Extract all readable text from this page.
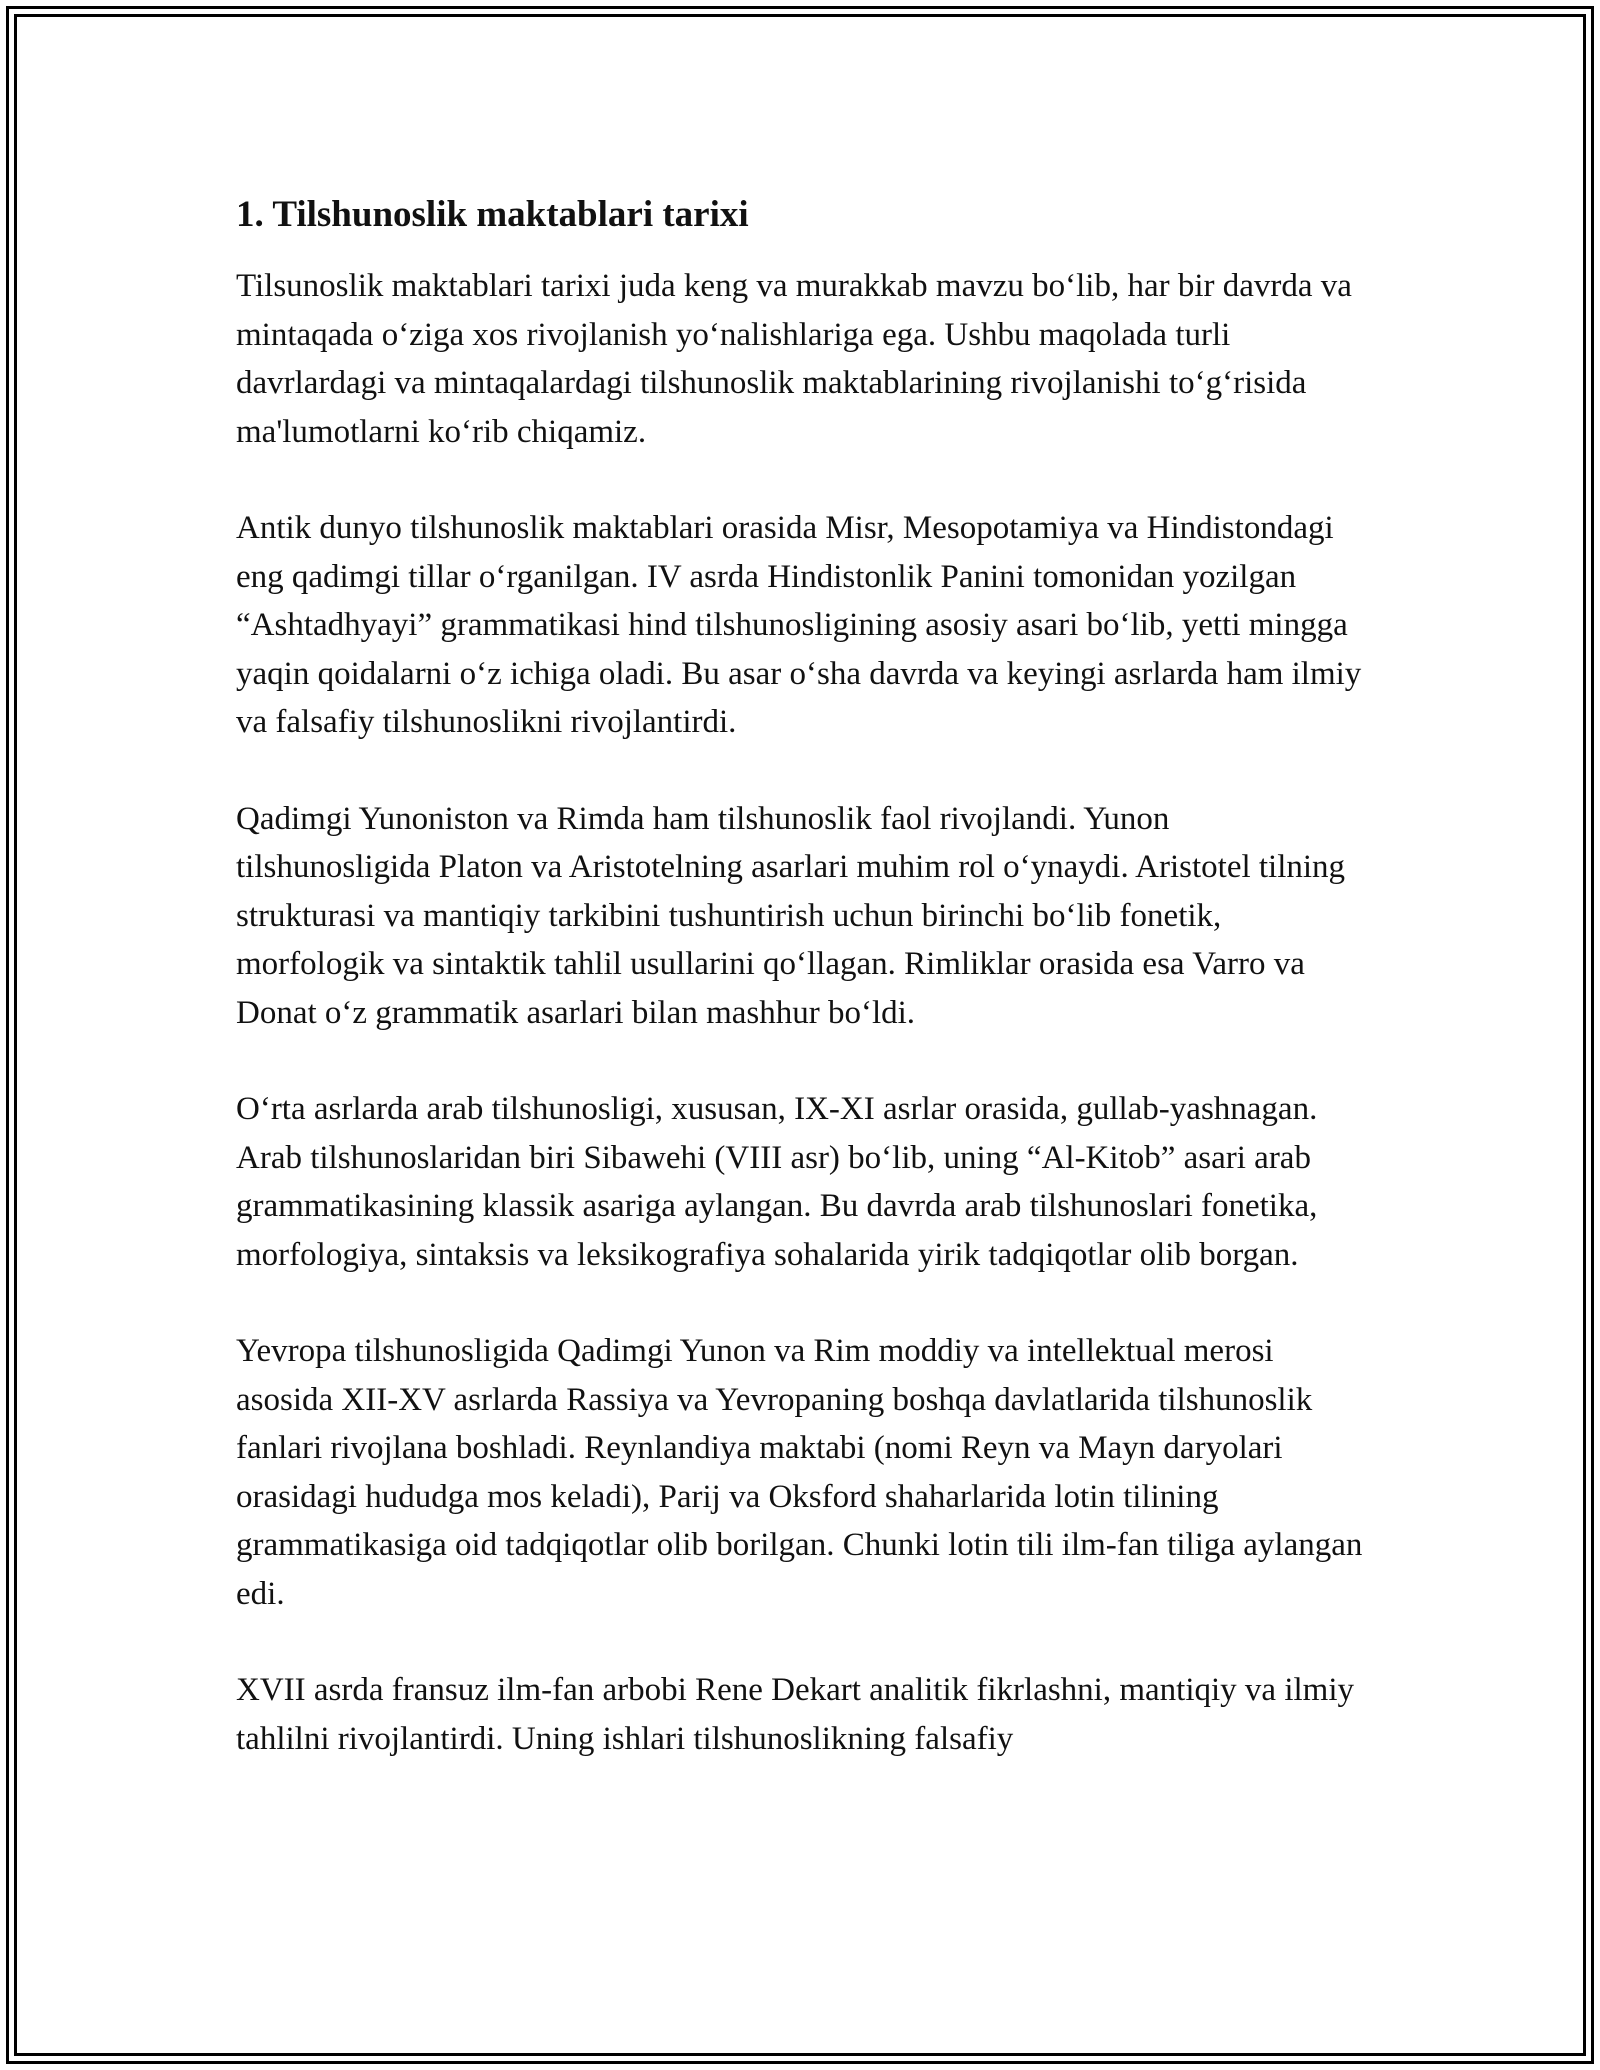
1. Tilshunoslik maktablari tarixi

Tilsunoslik maktablari tarixi juda keng va murakkab mavzu bo‘lib, har bir davrda va mintaqada o‘ziga xos rivojlanish yo‘nalishlariga ega. Ushbu maqolada turli davrlardagi va mintaqalardagi tilshunoslik maktablarining rivojlanishi to‘g‘risida ma'lumotlarni ko‘rib chiqamiz.

Antik dunyo tilshunoslik maktablari orasida Misr, Mesopotamiya va Hindistondagi eng qadimgi tillar o‘rganilgan. IV asrda Hindistonlik Panini tomonidan yozilgan “Ashtadhyayi” grammatikasi hind tilshunosligining asosiy asari bo‘lib, yetti mingga yaqin qoidalarni o‘z ichiga oladi. Bu asar o‘sha davrda va keyingi asrlarda ham ilmiy va falsafiy tilshunoslikni rivojlantirdi.

Qadimgi Yunoniston va Rimda ham tilshunoslik faol rivojlandi. Yunon tilshunosligida Platon va Aristotelning asarlari muhim rol o‘ynaydi. Aristotel tilning strukturasi va mantiqiy tarkibini tushuntirish uchun birinchi bo‘lib fonetik, morfologik va sintaktik tahlil usullarini qo‘llagan. Rimliklar orasida esa Varro va Donat o‘z grammatik asarlari bilan mashhur bo‘ldi.

O‘rta asrlarda arab tilshunosligi, xususan, IX-XI asrlar orasida, gullab-yashnagan. Arab tilshunoslaridan biri Sibawehi (VIII asr) bo‘lib, uning “Al-Kitob” asari arab grammatikasining klassik asariga aylangan. Bu davrda arab tilshunoslari fonetika, morfologiya, sintaksis va leksikografiya sohalarida yirik tadqiqotlar olib borgan.

Yevropa tilshunosligida Qadimgi Yunon va Rim moddiy va intellektual merosi asosida XII-XV asrlarda Rassiya va Yevropaning boshqa davlatlarida tilshunoslik fanlari rivojlana boshladi. Reynlandiya maktabi (nomi Reyn va Mayn daryolari orasidagi hududga mos keladi), Parij va Oksford shaharlarida lotin tilining grammatikasiga oid tadqiqotlar olib borilgan. Chunki lotin tili ilm-fan tiliga aylangan edi.

XVII asrda fransuz ilm-fan arbobi Rene Dekart analitik fikrlashni, mantiqiy va ilmiy tahlilni rivojlantirdi. Uning ishlari tilshunoslikning falsafiy
